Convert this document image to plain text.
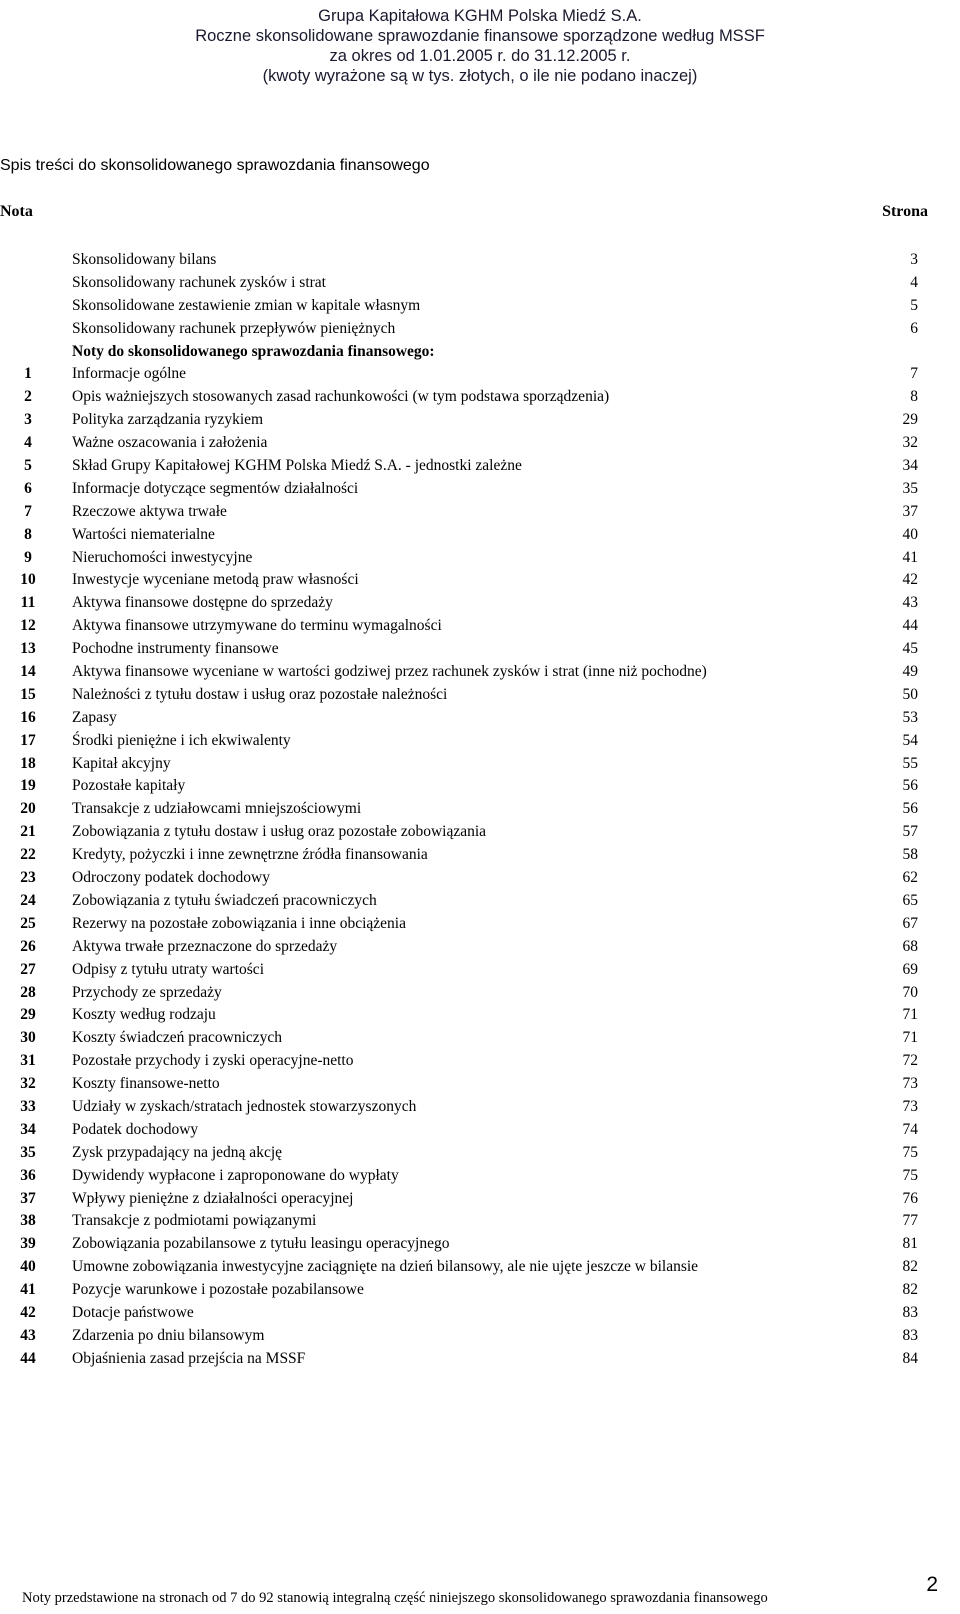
Grupa Kapitałowa KGHM Polska Miedź S.A.
Roczne skonsolidowane sprawozdanie finansowe sporządzone według MSSF
za okres od 1.01.2005 r. do 31.12.2005 r.
(kwoty wyrażone są w tys. złotych, o ile nie podano inaczej)
Spis treści do skonsolidowanego sprawozdania finansowego
Nota	Strona
Skonsolidowany bilans	3
Skonsolidowany rachunek zysków i strat	4
Skonsolidowane zestawienie zmian w kapitale własnym	5
Skonsolidowany rachunek przepływów pieniężnych	6
Noty do skonsolidowanego sprawozdania finansowego:
1	Informacje ogólne	7
2	Opis ważniejszych stosowanych zasad rachunkowości (w tym podstawa sporządzenia)	8
3	Polityka zarządzania ryzykiem	29
4	Ważne oszacowania i założenia	32
5	Skład Grupy Kapitałowej KGHM Polska Miedź S.A. - jednostki zależne	34
6	Informacje dotyczące segmentów działalności	35
7	Rzeczowe aktywa trwałe	37
8	Wartości niematerialne	40
9	Nieruchomości inwestycyjne	41
10	Inwestycje wyceniane metodą praw własności	42
11	Aktywa finansowe dostępne do sprzedaży	43
12	Aktywa finansowe utrzymywane do terminu wymagalności	44
13	Pochodne instrumenty finansowe	45
14	Aktywa finansowe wyceniane w wartości godziwej przez rachunek zysków i strat (inne niż pochodne)	49
15	Należności z tytułu dostaw i usług oraz pozostałe należności	50
16	Zapasy	53
17	Środki pieniężne i ich ekwiwalenty	54
18	Kapitał akcyjny	55
19	Pozostałe kapitały	56
20	Transakcje z udziałowcami mniejszościowymi	56
21	Zobowiązania z tytułu dostaw i usług oraz pozostałe zobowiązania	57
22	Kredyty, pożyczki i inne zewnętrzne źródła finansowania	58
23	Odroczony podatek dochodowy	62
24	Zobowiązania z tytułu świadczeń pracowniczych	65
25	Rezerwy na pozostałe zobowiązania i inne obciążenia	67
26	Aktywa trwałe przeznaczone do sprzedaży	68
27	Odpisy z tytułu utraty wartości	69
28	Przychody ze sprzedaży	70
29	Koszty według rodzaju	71
30	Koszty świadczeń pracowniczych	71
31	Pozostałe przychody i zyski operacyjne-netto	72
32	Koszty finansowe-netto	73
33	Udziały w zyskach/stratach jednostek stowarzyszonych	73
34	Podatek dochodowy	74
35	Zysk przypadający na jedną akcję	75
36	Dywidendy wypłacone i zaproponowane do wypłaty	75
37	Wpływy pieniężne z działalności operacyjnej	76
38	Transakcje z podmiotami powiązanymi	77
39	Zobowiązania pozabilansowe z tytułu leasingu operacyjnego	81
40	Umowne zobowiązania inwestycyjne zaciągnięte na dzień bilansowy, ale nie ujęte jeszcze w bilansie	82
41	Pozycje warunkowe i pozostałe pozabilansowe	82
42	Dotacje państwowe	83
43	Zdarzenia po dniu bilansowym	83
44	Objaśnienia zasad przejścia na MSSF	84
Noty przedstawione na stronach od 7 do 92 stanowią integralną część niniejszego skonsolidowanego sprawozdania finansowego
2
